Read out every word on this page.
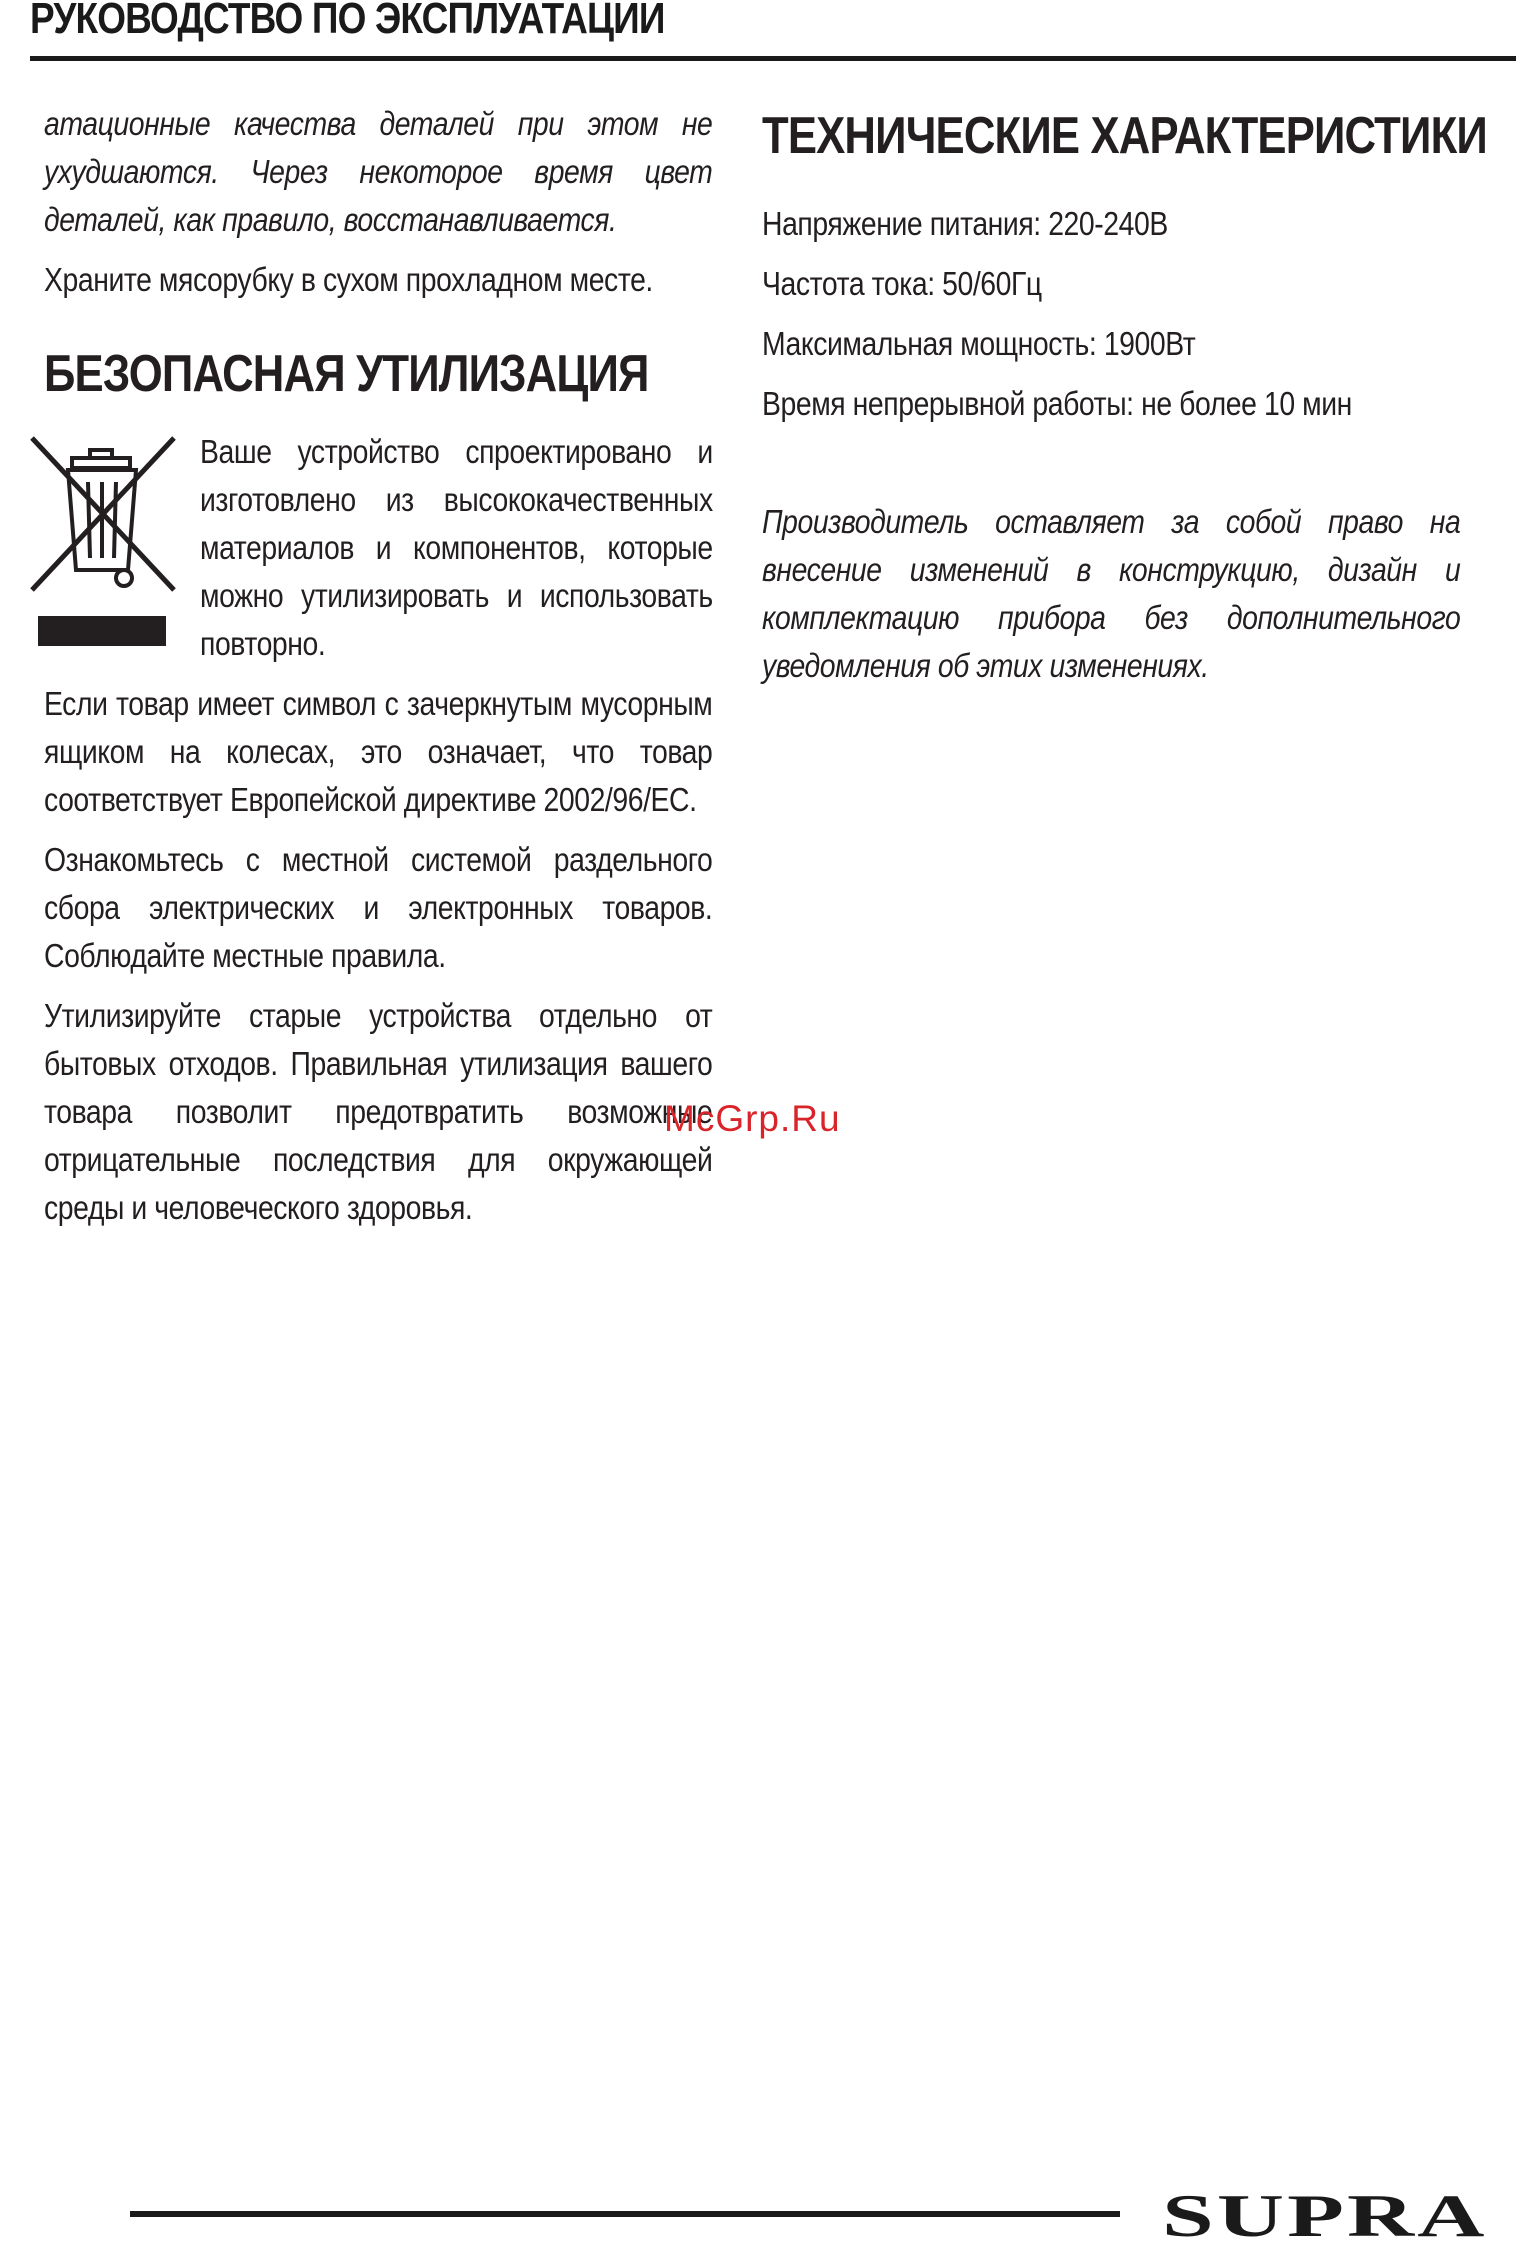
РУКОВОДСТВО ПО ЭКСПЛУАТАЦИИ

атационные качества деталей при этом не ухудшаются. Через некоторое время цвет деталей, как правило, восстанавливается.

Храните мясорубку в сухом прохладном месте.

БЕЗОПАСНАЯ УТИЛИЗАЦИЯ

Ваше устройство спроектировано и изготовлено из высококачественных материалов и компонентов, которые можно утилизировать и использовать повторно.

Если товар имеет символ с зачеркнутым мусорным ящиком на колесах, это означает, что товар соответствует Европейской директиве 2002/96/EC.

Ознакомьтесь с местной системой раздельного сбора электрических и электронных товаров. Соблюдайте местные правила.

Утилизируйте старые устройства отдельно от бытовых отходов. Правильная утилизация вашего товара позволит предотвратить возможные отрицательные последствия для окружающей среды и человеческого здоровья.

ТЕХНИЧЕСКИЕ ХАРАКТЕРИСТИКИ
Напряжение питания: 220-240В
Частота тока: 50/60Гц
Максимальная мощность: 1900Вт
Время непрерывной работы: не более 10 мин

Производитель оставляет за собой право на внесение изменений в конструкцию, дизайн и комплектацию прибора без дополнительного уведомления об этих изменениях.

McGrp.Ru
SUPRA
